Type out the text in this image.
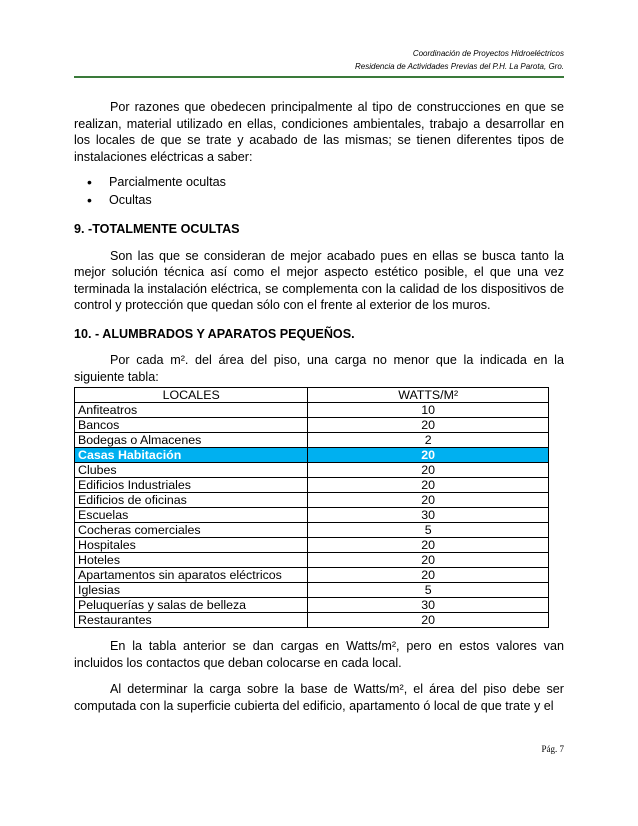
Coordinación de Proyectos Hidroeléctricos
Residencia de Actividades Previas del P.H. La Parota, Gro.

Por razones que obedecen principalmente al tipo de construcciones en que se realizan, material utilizado en ellas, condiciones ambientales, trabajo a desarrollar en los locales de que se trate y acabado de las mismas; se tienen diferentes tipos de instalaciones eléctricas a saber:

• Parcialmente ocultas
• Ocultas
9. -TOTALMENTE OCULTAS

Son las que se consideran de mejor acabado pues en ellas se busca tanto la mejor solución técnica así como el mejor aspecto estético posible, el que una vez terminada la instalación eléctrica, se complementa con la calidad de los dispositivos de control y protección que quedan sólo con el frente al exterior de los muros.

10. - ALUMBRADOS Y APARATOS PEQUEÑOS.

Por cada m². del área del piso, una carga no menor que la indicada en la siguiente tabla:

LOCALES	WATTS/M²
Anfiteatros	10
Bancos	20
Bodegas o Almacenes	2
Casas Habitación	20
Clubes	20
Edificios Industriales	20
Edificios de oficinas	20
Escuelas	30
Cocheras comerciales	5
Hospitales	20
Hoteles	20
Apartamentos sin aparatos eléctricos	20
Iglesias	5
Peluquerías y salas de belleza	30
Restaurantes	20

En la tabla anterior se dan cargas en Watts/m², pero en estos valores van incluidos los contactos que deban colocarse en cada local.

Al determinar la carga sobre la base de Watts/m², el área del piso debe ser computada con la superficie cubierta del edificio, apartamento ó local de que trate y el

Pág. 7
